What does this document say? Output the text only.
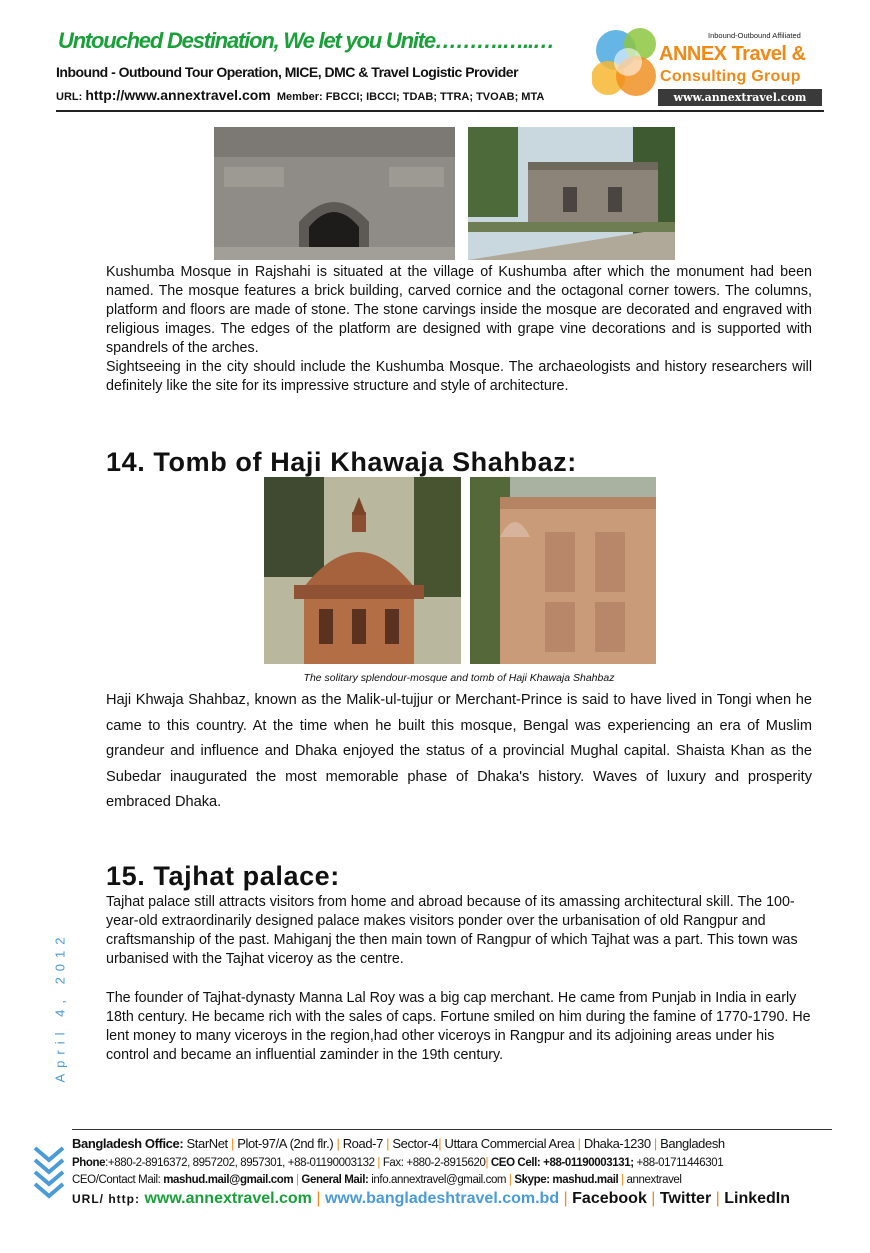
Untouched Destination, We let you Unite……….…..…
Inbound - Outbound Tour Operation, MICE, DMC & Travel Logistic Provider
URL: http://www.annextravel.com Member: FBCCI; IBCCI; TDAB; TTRA; TVOAB; MTA
Inbound-Outbound Affiliated
ANNEX Travel &
Consulting Group
www.annextravel.com
Kushumba Mosque in Rajshahi is situated at the village of Kushumba after which the monument had been named. The mosque features a brick building, carved cornice and the octagonal corner towers. The columns, platform and floors are made of stone. The stone carvings inside the mosque are decorated and engraved with religious images. The edges of the platform are designed with grape vine decorations and is supported with spandrels of the arches.
Sightseeing in the city should include the Kushumba Mosque. The archaeologists and history researchers will definitely like the site for its impressive structure and style of architecture.
14. Tomb of Haji Khawaja Shahbaz:
The solitary splendour-mosque and tomb of Haji Khawaja Shahbaz
Haji Khwaja Shahbaz, known as the Malik-ul-tujjur or Merchant-Prince is said to have lived in Tongi when he came to this country. At the time when he built this mosque, Bengal was experiencing an era of Muslim grandeur and influence and Dhaka enjoyed the status of a provincial Mughal capital. Shaista Khan as the Subedar inaugurated the most memorable phase of Dhaka's history. Waves of luxury and prosperity embraced Dhaka.
15. Tajhat palace:
Tajhat palace still attracts visitors from home and abroad because of its amassing architectural skill. The 100-year-old extraordinarily designed palace makes visitors ponder over the urbanisation of old Rangpur and craftsmanship of the past. Mahiganj the then main town of Rangpur of which Tajhat was a part. This town was urbanised with the Tajhat viceroy as the centre.
The founder of Tajhat-dynasty Manna Lal Roy was a big cap merchant. He came from Punjab in India in early 18th century. He became rich with the sales of caps. Fortune smiled on him during the famine of 1770-1790. He lent money to many viceroys in the region,had other viceroys in Rangpur and its adjoining areas under his control and became an influential zaminder in the 19th century.
April 4, 2012
Bangladesh Office: StarNet | Plot-97/A (2nd flr.) | Road-7 | Sector-4| Uttara Commercial Area | Dhaka-1230 | Bangladesh
Phone:+880-2-8916372, 8957202, 8957301, +88-01190003132 | Fax: +880-2-8915620| CEO Cell: +88-01190003131; +88-01711446301
CEO/Contact Mail: mashud.mail@gmail.com | General Mail: info.annextravel@gmail.com | Skype: mashud.mail | annextravel
URL/ http: www.annextravel.com | www.bangladeshtravel.com.bd | Facebook | Twitter | LinkedIn
